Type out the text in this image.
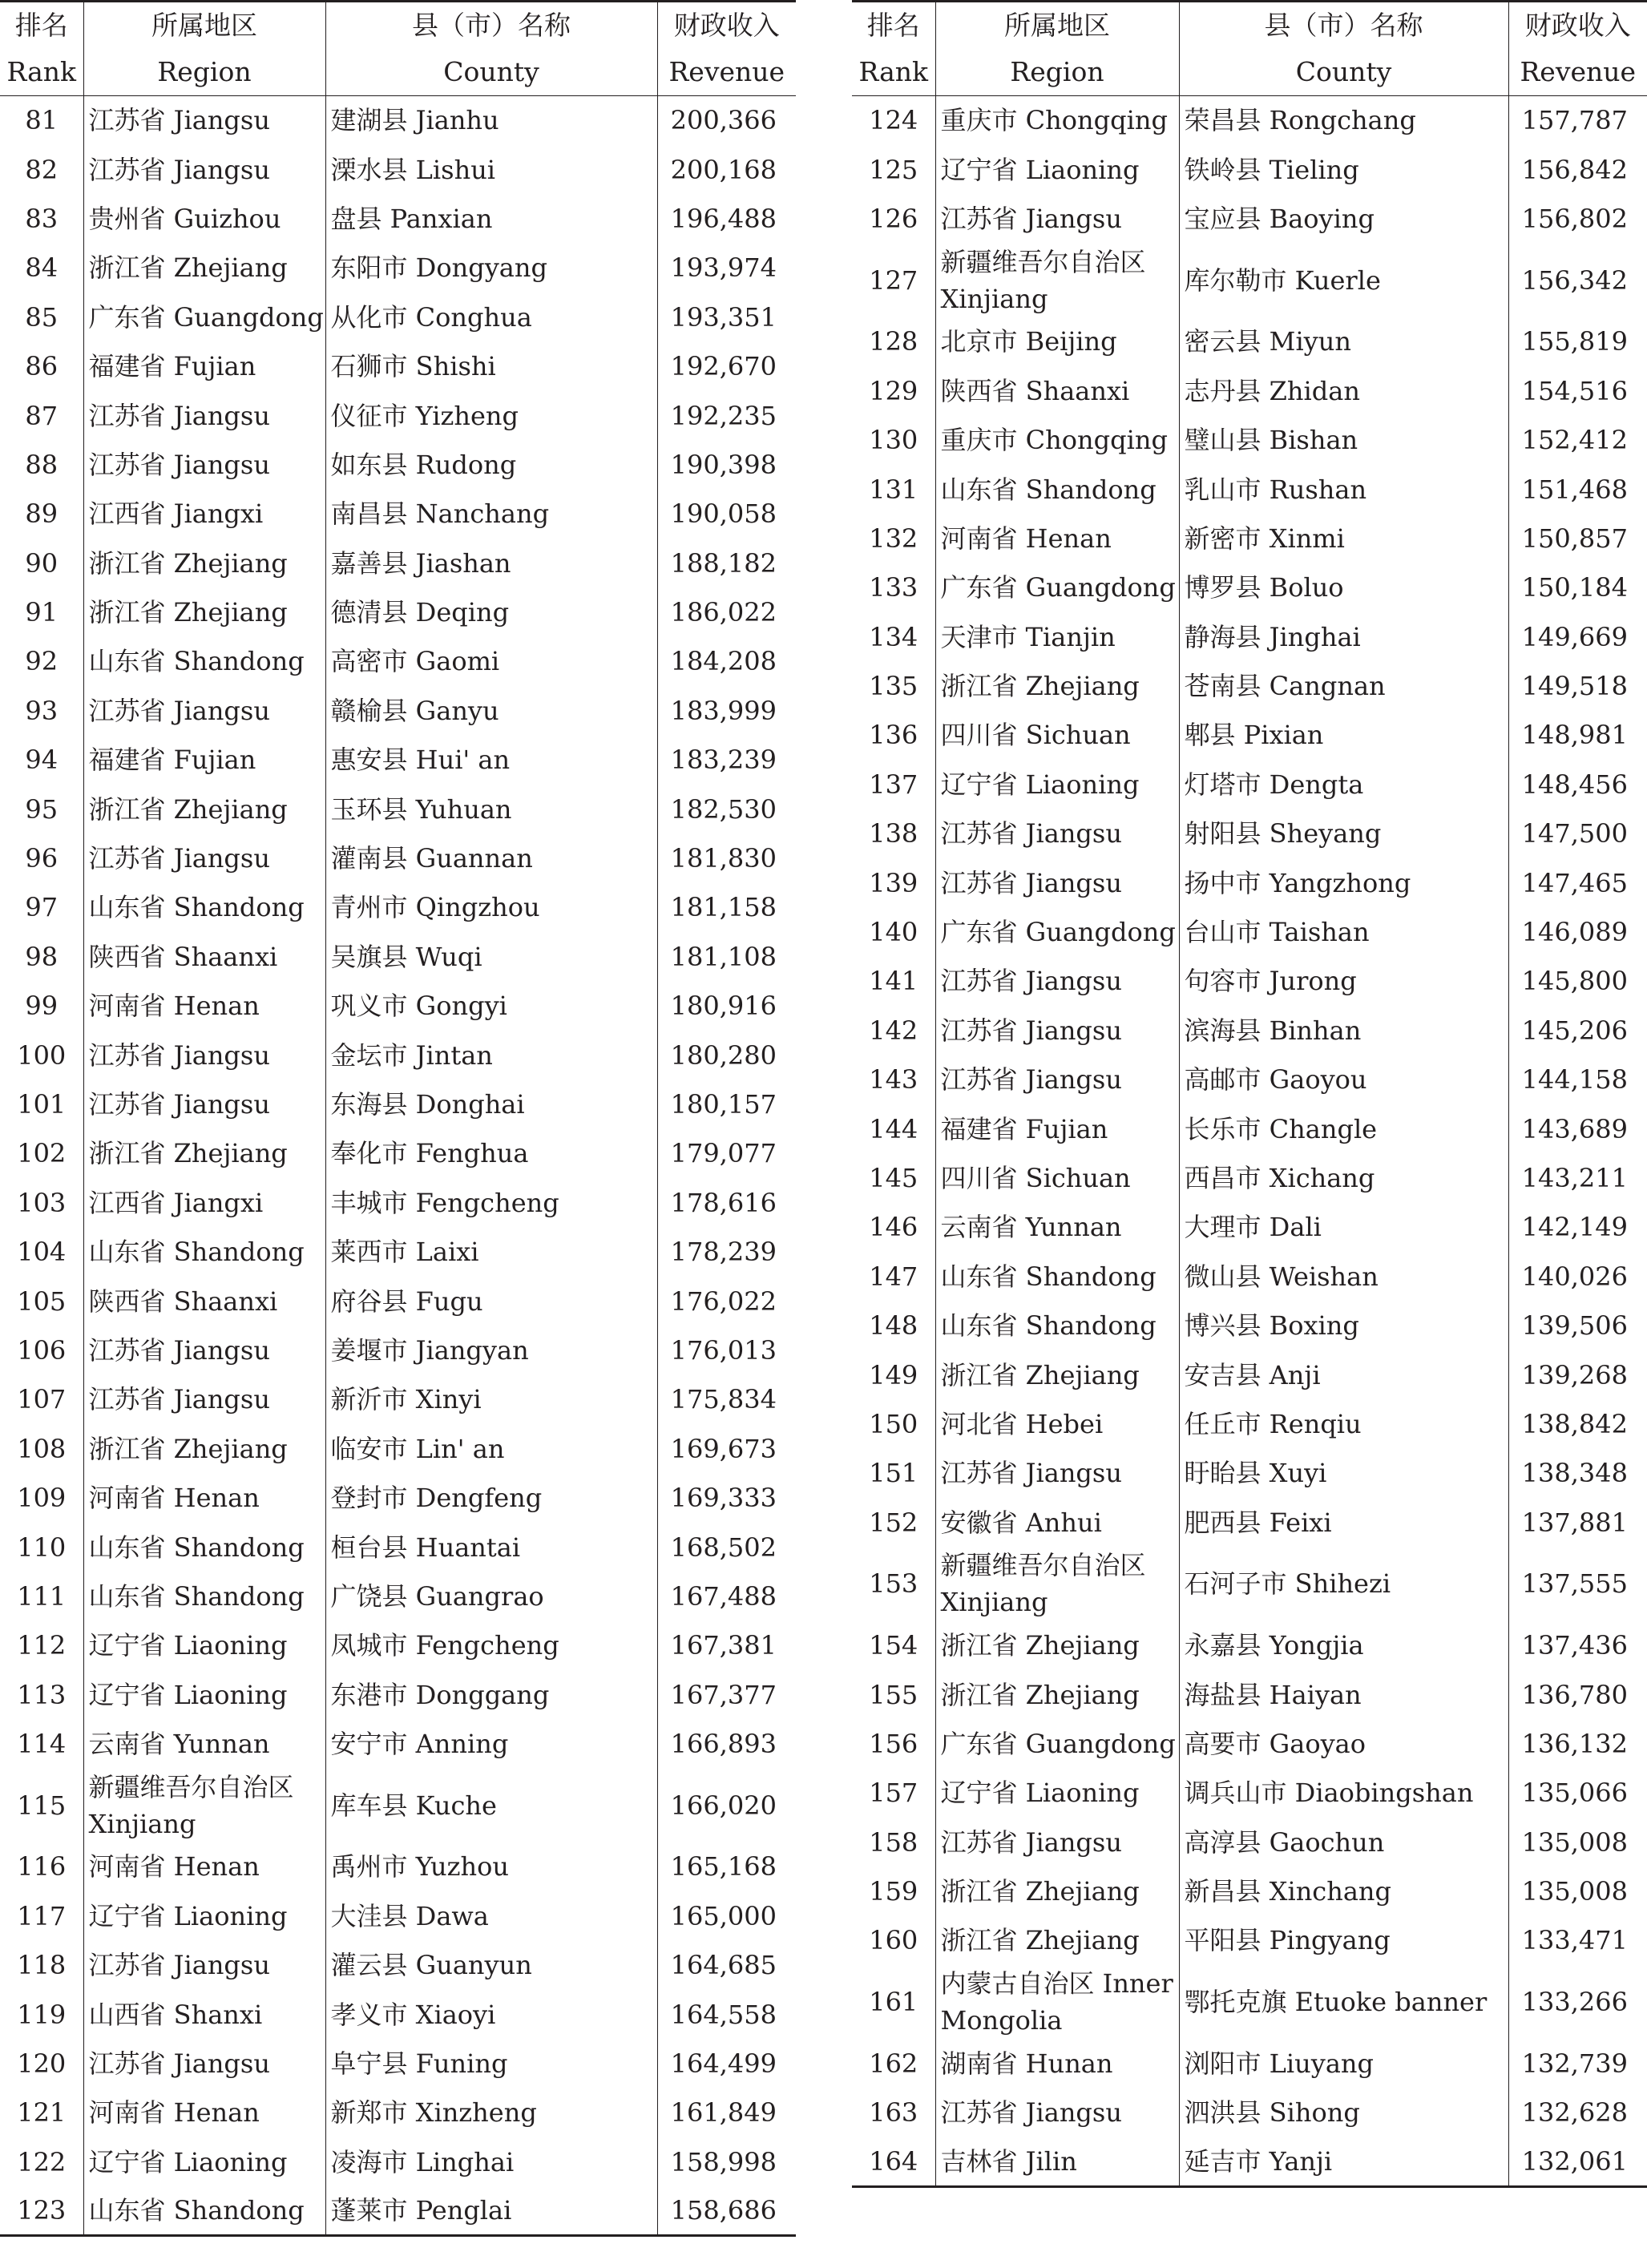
排名	所属地区	县（市）名称	财政收入
Rank	Region	County	Revenue
81	江苏省 Jiangsu	建湖县 Jianhu	200,366
82	江苏省 Jiangsu	溧水县 Lishui	200,168
83	贵州省 Guizhou	盘县 Panxian	196,488
84	浙江省 Zhejiang	东阳市 Dongyang	193,974
85	广东省 Guangdong	从化市 Conghua	193,351
86	福建省 Fujian	石狮市 Shishi	192,670
87	江苏省 Jiangsu	仪征市 Yizheng	192,235
88	江苏省 Jiangsu	如东县 Rudong	190,398
89	江西省 Jiangxi	南昌县 Nanchang	190,058
90	浙江省 Zhejiang	嘉善县 Jiashan	188,182
91	浙江省 Zhejiang	德清县 Deqing	186,022
92	山东省 Shandong	高密市 Gaomi	184,208
93	江苏省 Jiangsu	赣榆县 Ganyu	183,999
94	福建省 Fujian	惠安县 Hui' an	183,239
95	浙江省 Zhejiang	玉环县 Yuhuan	182,530
96	江苏省 Jiangsu	灌南县 Guannan	181,830
97	山东省 Shandong	青州市 Qingzhou	181,158
98	陕西省 Shaanxi	吴旗县 Wuqi	181,108
99	河南省 Henan	巩义市 Gongyi	180,916
100	江苏省 Jiangsu	金坛市 Jintan	180,280
101	江苏省 Jiangsu	东海县 Donghai	180,157
102	浙江省 Zhejiang	奉化市 Fenghua	179,077
103	江西省 Jiangxi	丰城市 Fengcheng	178,616
104	山东省 Shandong	莱西市 Laixi	178,239
105	陕西省 Shaanxi	府谷县 Fugu	176,022
106	江苏省 Jiangsu	姜堰市 Jiangyan	176,013
107	江苏省 Jiangsu	新沂市 Xinyi	175,834
108	浙江省 Zhejiang	临安市 Lin' an	169,673
109	河南省 Henan	登封市 Dengfeng	169,333
110	山东省 Shandong	桓台县 Huantai	168,502
111	山东省 Shandong	广饶县 Guangrao	167,488
112	辽宁省 Liaoning	凤城市 Fengcheng	167,381
113	辽宁省 Liaoning	东港市 Donggang	167,377
114	云南省 Yunnan	安宁市 Anning	166,893
115	新疆维吾尔自治区 Xinjiang	库车县 Kuche	166,020
116	河南省 Henan	禹州市 Yuzhou	165,168
117	辽宁省 Liaoning	大洼县 Dawa	165,000
118	江苏省 Jiangsu	灌云县 Guanyun	164,685
119	山西省 Shanxi	孝义市 Xiaoyi	164,558
120	江苏省 Jiangsu	阜宁县 Funing	164,499
121	河南省 Henan	新郑市 Xinzheng	161,849
122	辽宁省 Liaoning	凌海市 Linghai	158,998
123	山东省 Shandong	蓬莱市 Penglai	158,686
排名	所属地区	县（市）名称	财政收入
Rank	Region	County	Revenue
124	重庆市 Chongqing	荣昌县 Rongchang	157,787
125	辽宁省 Liaoning	铁岭县 Tieling	156,842
126	江苏省 Jiangsu	宝应县 Baoying	156,802
127	新疆维吾尔自治区 Xinjiang	库尔勒市 Kuerle	156,342
128	北京市 Beijing	密云县 Miyun	155,819
129	陕西省 Shaanxi	志丹县 Zhidan	154,516
130	重庆市 Chongqing	璧山县 Bishan	152,412
131	山东省 Shandong	乳山市 Rushan	151,468
132	河南省 Henan	新密市 Xinmi	150,857
133	广东省 Guangdong	博罗县 Boluo	150,184
134	天津市 Tianjin	静海县 Jinghai	149,669
135	浙江省 Zhejiang	苍南县 Cangnan	149,518
136	四川省 Sichuan	郫县 Pixian	148,981
137	辽宁省 Liaoning	灯塔市 Dengta	148,456
138	江苏省 Jiangsu	射阳县 Sheyang	147,500
139	江苏省 Jiangsu	扬中市 Yangzhong	147,465
140	广东省 Guangdong	台山市 Taishan	146,089
141	江苏省 Jiangsu	句容市 Jurong	145,800
142	江苏省 Jiangsu	滨海县 Binhan	145,206
143	江苏省 Jiangsu	高邮市 Gaoyou	144,158
144	福建省 Fujian	长乐市 Changle	143,689
145	四川省 Sichuan	西昌市 Xichang	143,211
146	云南省 Yunnan	大理市 Dali	142,149
147	山东省 Shandong	微山县 Weishan	140,026
148	山东省 Shandong	博兴县 Boxing	139,506
149	浙江省 Zhejiang	安吉县 Anji	139,268
150	河北省 Hebei	任丘市 Renqiu	138,842
151	江苏省 Jiangsu	盱眙县 Xuyi	138,348
152	安徽省 Anhui	肥西县 Feixi	137,881
153	新疆维吾尔自治区 Xinjiang	石河子市 Shihezi	137,555
154	浙江省 Zhejiang	永嘉县 Yongjia	137,436
155	浙江省 Zhejiang	海盐县 Haiyan	136,780
156	广东省 Guangdong	高要市 Gaoyao	136,132
157	辽宁省 Liaoning	调兵山市 Diaobingshan	135,066
158	江苏省 Jiangsu	高淳县 Gaochun	135,008
159	浙江省 Zhejiang	新昌县 Xinchang	135,008
160	浙江省 Zhejiang	平阳县 Pingyang	133,471
161	内蒙古自治区 Inner Mongolia	鄂托克旗 Etuoke banner	133,266
162	湖南省 Hunan	浏阳市 Liuyang	132,739
163	江苏省 Jiangsu	泗洪县 Sihong	132,628
164	吉林省 Jilin	延吉市 Yanji	132,061
